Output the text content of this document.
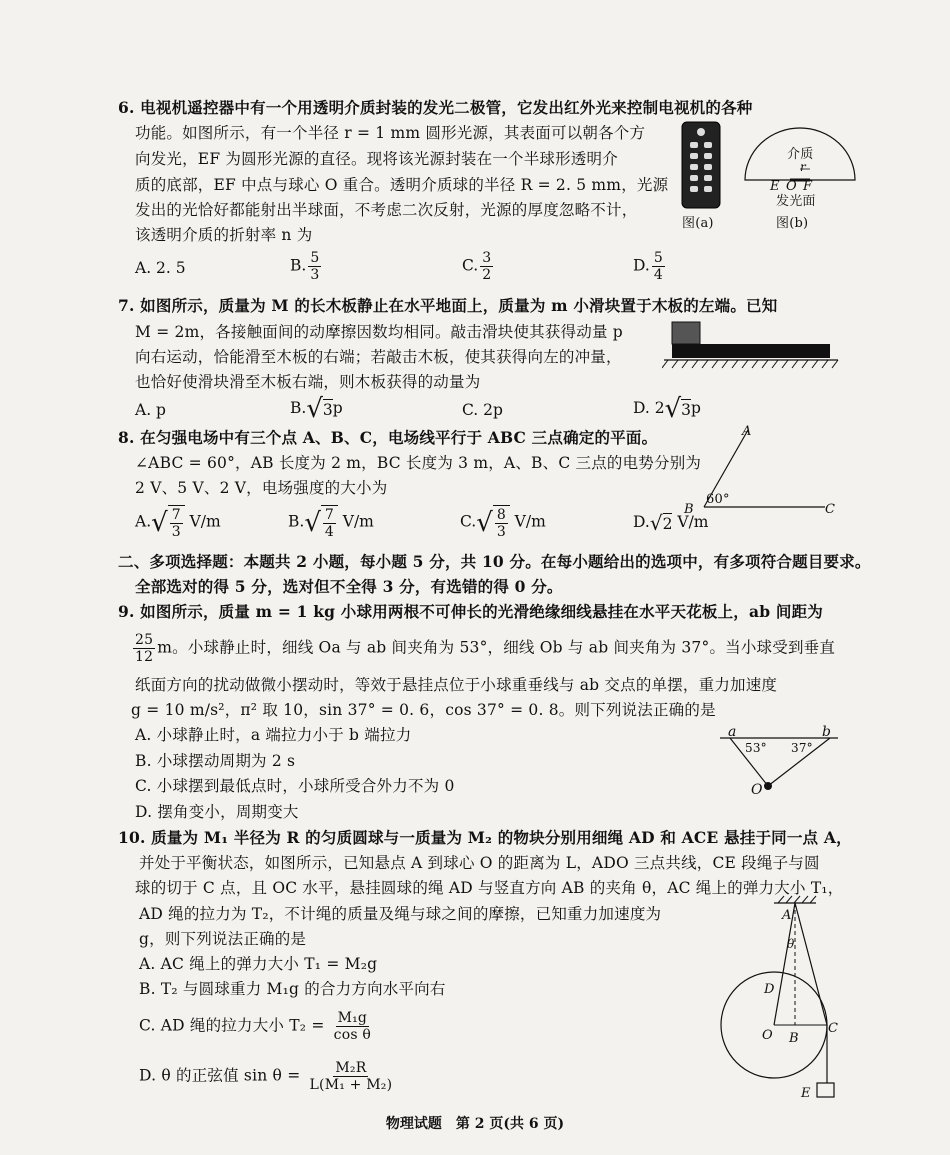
6. 电视机遥控器中有一个用透明介质封装的发光二极管，它发出红外光来控制电视机的各种
功能。如图所示，有一个半径 r = 1 mm 圆形光源，其表面可以朝各个方
向发光，EF 为圆形光源的直径。现将该光源封装在一个半球形透明介
质的底部，EF 中点与球心 O 重合。透明介质球的半径 R = 2. 5 mm，光源
发出的光恰好都能射出半球面，不考虑二次反射，光源的厚度忽略不计，
该透明介质的折射率 n 为
图(a)
介质
r
E O F
发光面
图(b)
A. 2. 5	B. $\frac{5}{3}$	C. $\frac{3}{2}$	D. $\frac{5}{4}$
7. 如图所示，质量为 M 的长木板静止在水平地面上，质量为 m 小滑块置于木板的左端。已知
M = 2m，各接触面间的动摩擦因数均相同。敲击滑块使其获得动量 p
向右运动，恰能滑至木板的右端；若敲击木板，使其获得向左的冲量，
也恰好使滑块滑至木板右端，则木板获得的动量为
A. p	B. √ 3 p	C. 2p	D. 2 √ 3 p
8. 在匀强电场中有三个点 A、B、C，电场线平行于 ABC 三点确定的平面。
∠ABC = 60°，AB 长度为 2 m，BC 长度为 3 m，A、B、C 三点的电势分别为
2 V、5 V、2 V，电场强度的大小为
A
B	C
60°
A. √ $\frac{7}{3} V/m$	B. √ $\frac{7}{4} V/m$	C. √ $\frac{8}{3} V/m$	D. √ 2 V/m
二、多项选择题：本题共 2 小题，每小题 5 分，共 10 分。在每小题给出的选项中，有多项符合题目要求。
全部选对的得 5 分，选对但不全得 3 分，有选错的得 0 分。
9. 如图所示，质量 m = 1 kg 小球用两根不可伸长的光滑绝缘细线悬挂在水平天花板上，ab 间距为
$\frac{25}{12}$ m。小球静止时，细线 Oa 与 ab 间夹角为 53°，细线 Ob 与 ab 间夹角为 37°。当小球受到垂直
纸面方向的扰动做微小摆动时，等效于悬挂点位于小球重垂线与 ab 交点的单摆，重力加速度
g = 10 m/s²，π² 取 10，sin 37° = 0. 6，cos 37° = 0. 8。则下列说法正确的是
A. 小球静止时，a 端拉力小于 b 端拉力
B. 小球摆动周期为 2 s
C. 小球摆到最低点时，小球所受合外力不为 0
D. 摆角变小，周期变大
a	b
53° 37°
O
10. 质量为 M₁ 半径为 R 的匀质圆球与一质量为 M₂ 的物块分别用细绳 AD 和 ACE 悬挂于同一点 A，
并处于平衡状态，如图所示，已知悬点 A 到球心 O 的距离为 L，ADO 三点共线，CE 段绳子与圆
球的切于 C 点，且 OC 水平，悬挂圆球的绳 AD 与竖直方向 AB 的夹角 θ，AC 绳上的弹力大小 T₁，
AD 绳的拉力为 T₂，不计绳的质量及绳与球之间的摩擦，已知重力加速度为
g，则下列说法正确的是
A. AC 绳上的弹力大小 T₁ = M₂g
B. T₂ 与圆球重力 M₁g 的合力方向水平向右
C. AD 绳的拉力大小 $T_2 = \frac{\text{M₁g}}{\text{cos θ}}$
D. θ 的正弦值 $\sin \theta = \frac{\text{M₂R}}{\text{L(M₁ + M₂)}}$
A
θ
D
O B
C
E
物理试题　第 2 页(共 6 页)
